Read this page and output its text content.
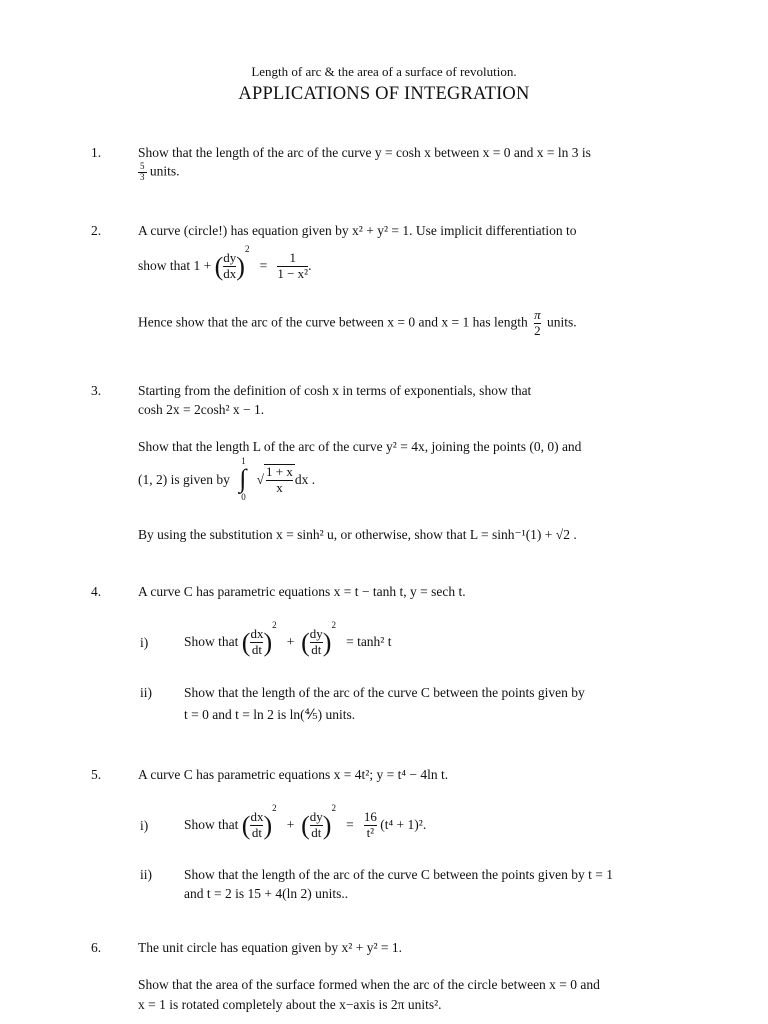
Length of arc & the area of a surface of revolution.
APPLICATIONS OF INTEGRATION
1.	Show that the length of the arc of the curve y = cosh x between x = 0 and x = ln 3 is
$\frac{5}{3}$ units.
2.	A curve (circle!) has equation given by x² + y² = 1. Use implicit differentiation to
show that 1 + ( $\frac{dy}{dx} )^2 = \frac{1}{\text{1 − x²}}$ .
Hence show that the arc of the curve between x = 0 and x = 1 has length $\frac{\pi}{2}$ units.
3.	Starting from the definition of cosh x in terms of exponentials, show that
cosh 2x = 2cosh² x − 1.
Show that the length L of the arc of the curve y² = 4x, joining the points (0, 0) and
(1, 2) is given by
1
∫
0
√ $\frac{1 + x}{x}$ dx .
By using the substitution x = sinh² u, or otherwise, show that L = sinh⁻¹(1) + √2 .
4.	A curve C has parametric equations x = t − tanh t, y = sech t.
i)	Show that ( $\frac{dx}{dt} )^2$   + ( $\frac{dy}{dt} )^2 = \tanh^2$ t
ii) Show that the length of the arc of the curve C between the points given by
t = 0 and t = ln 2 is ln(⅘) units.
5.	A curve C has parametric equations x = 4t²; y = t⁴ − 4ln t.
i)	Show that ( $\frac{dx}{dt} )^2$   + ( $\frac{dy}{dt} )^2 = \frac{16}{\text{t²}} (t^4 + 1)^2$.
ii) Show that the length of the arc of the curve C between the points given by t = 1
and t = 2 is 15 + 4(ln 2) units..
6.	The unit circle has equation given by x² + y² = 1.
Show that the area of the surface formed when the arc of the circle between x = 0 and
x = 1 is rotated completely about the x−axis is 2π units².
